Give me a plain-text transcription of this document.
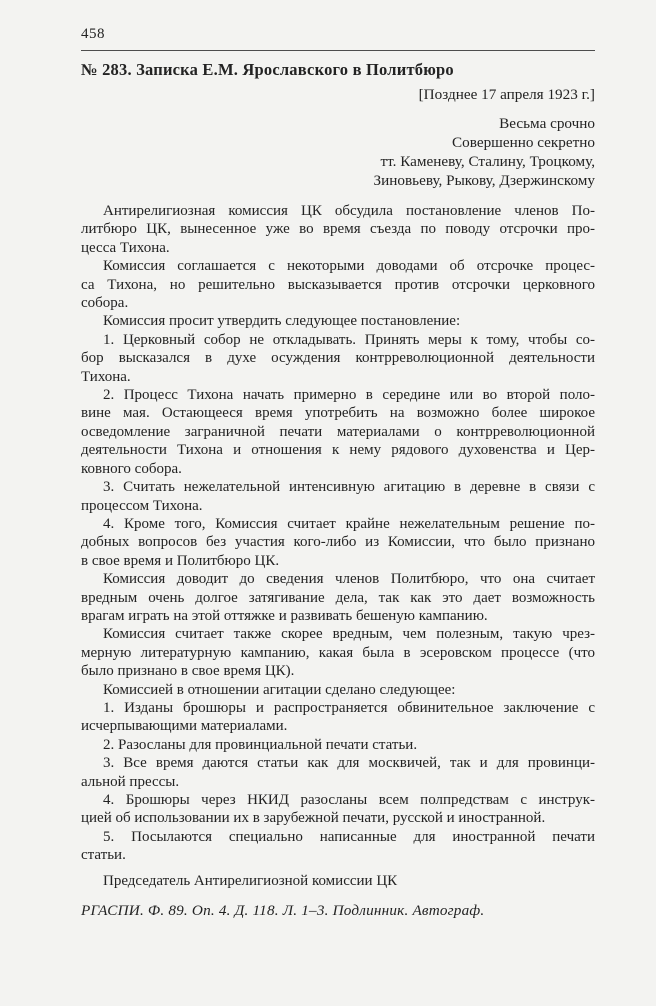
458
№ 283. Записка Е.М. Ярославского в Политбюро
[Позднее 17 апреля 1923 г.]
Весьма срочно
Совершенно секретно
тт. Каменеву, Сталину, Троцкому,
Зиновьеву, Рыкову, Дзержинскому
Антирелигиозная комиссия ЦК обсудила постановление членов По-
литбюро ЦК, вынесенное уже во время съезда по поводу отсрочки про-
цесса Тихона.
Комиссия соглашается с некоторыми доводами об отсрочке процес-
са Тихона, но решительно высказывается против отсрочки церковного
собора.
Комиссия просит утвердить следующее постановление:
1. Церковный собор не откладывать. Принять меры к тому, чтобы со-
бор высказался в духе осуждения контрреволюционной деятельности
Тихона.
2. Процесс Тихона начать примерно в середине или во второй поло-
вине мая. Остающееся время употребить на возможно более широкое
осведомление заграничной печати материалами о контрреволюционной
деятельности Тихона и отношения к нему рядового духовенства и Цер-
ковного собора.
3. Считать нежелательной интенсивную агитацию в деревне в связи с
процессом Тихона.
4. Кроме того, Комиссия считает крайне нежелательным решение по-
добных вопросов без участия кого-либо из Комиссии, что было признано
в свое время и Политбюро ЦК.
Комиссия доводит до сведения членов Политбюро, что она считает
вредным очень долгое затягивание дела, так как это дает возможность
врагам играть на этой оттяжке и развивать бешеную кампанию.
Комиссия считает также скорее вредным, чем полезным, такую чрез-
мерную литературную кампанию, какая была в эсеровском процессе (что
было признано в свое время ЦК).
Комиссией в отношении агитации сделано следующее:
1. Изданы брошюры и распространяется обвинительное заключение с
исчерпывающими материалами.
2. Разосланы для провинциальной печати статьи.
3. Все время даются статьи как для москвичей, так и для провинци-
альной прессы.
4. Брошюры через НКИД разосланы всем полпредствам с инструк-
цией об использовании их в зарубежной печати, русской и иностранной.
5. Посылаются специально написанные для иностранной печати
статьи.
Председатель Антирелигиозной комиссии ЦК
РГАСПИ. Ф. 89. Оп. 4. Д. 118. Л. 1–3. Подлинник. Автограф.
